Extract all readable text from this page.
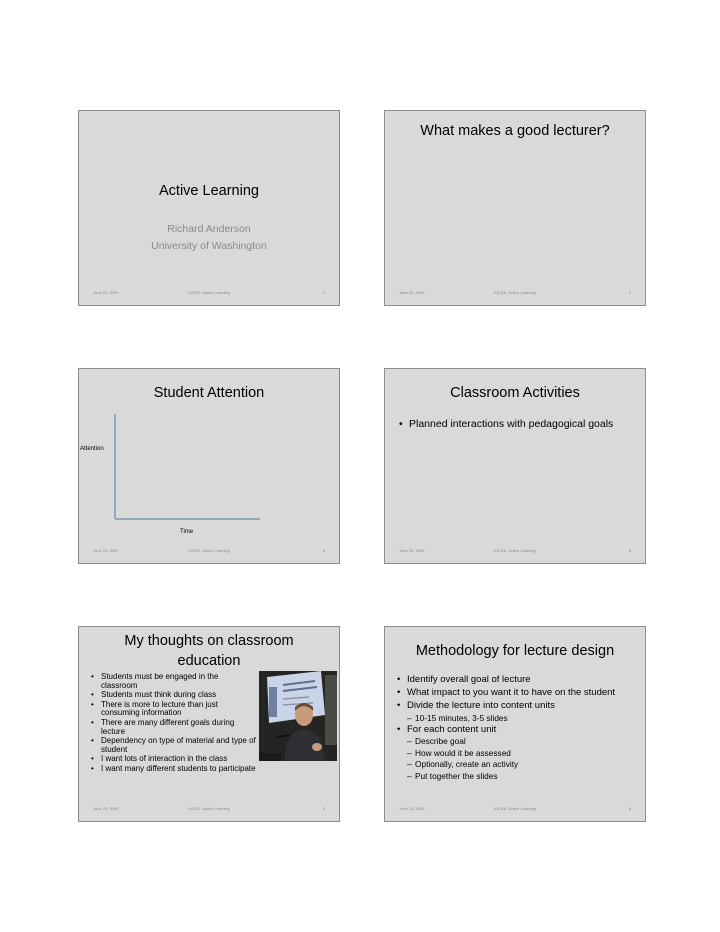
Active Learning
Richard Anderson
University of Washington
June 25, 2009	IUCEE: Active Learning	1
What makes a good lecturer?
June 25, 2009	IUCEE: Active Learning	2
Student Attention
Attention
Time
June 25, 2009	IUCEE: Active Learning	3
Classroom Activities
• Planned interactions with pedagogical goals
June 25, 2009	IUCEE: Active Learning	4
My thoughts on classroom
education
• Students must be engaged in the classroom
• Students must think during class
• There is more to lecture than just consuming information
• There are many different goals during lecture
• Dependency on type of material and type of student
• I want lots of interaction in the class
• I want many different students to participate
June 25, 2009	IUCEE: Active Learning	5
Methodology for lecture design
• Identify overall goal of lecture
• What impact to you want it to have on the student
• Divide the lecture into content units
– 10-15 minutes, 3-5 slides
• For each content unit
– Describe goal
– How would it be assessed
– Optionally, create an activity
– Put together the slides
June 25, 2009	IUCEE: Active Learning	6
